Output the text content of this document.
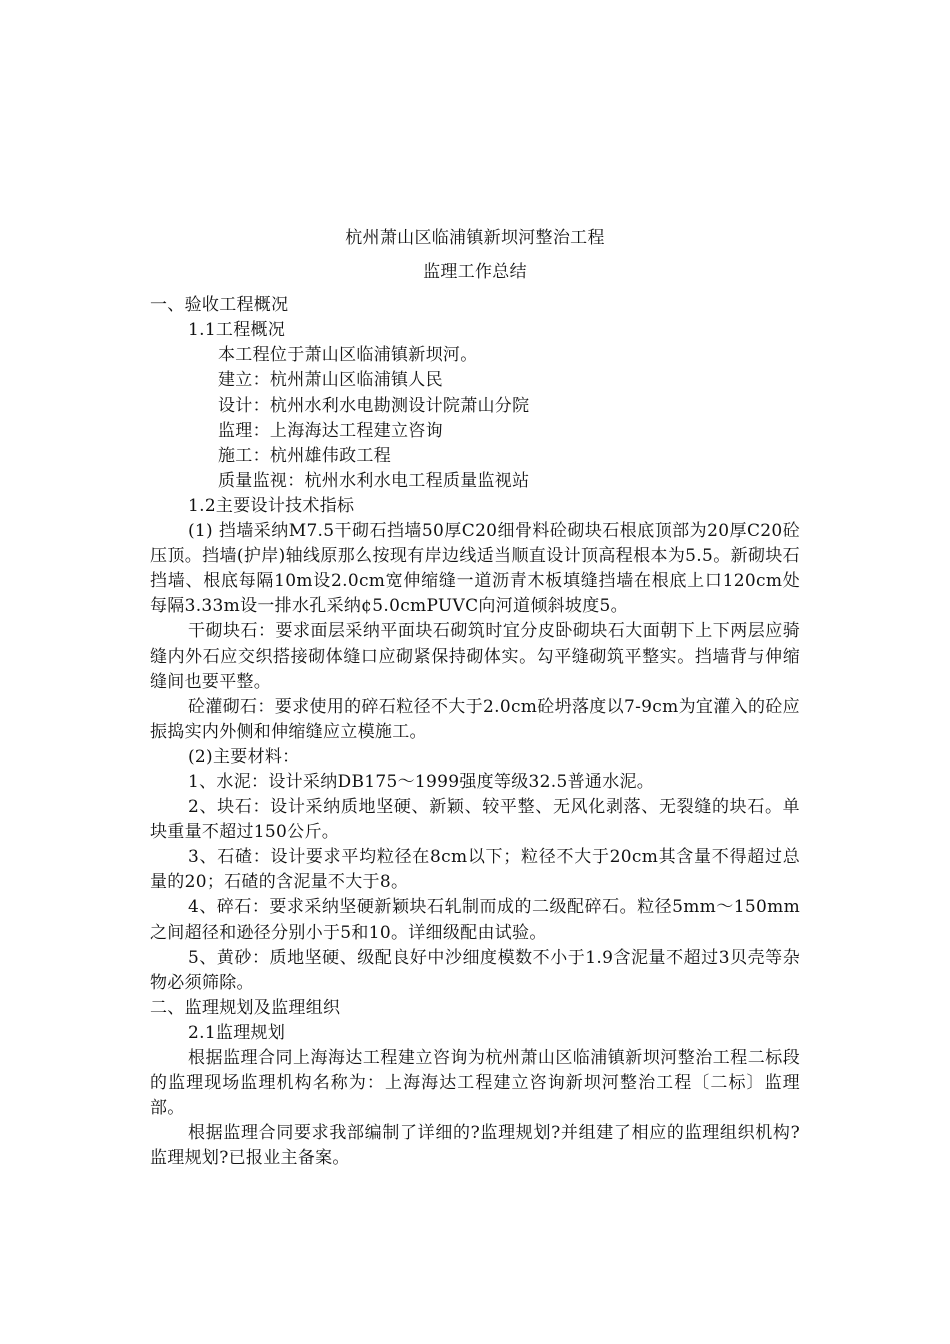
杭州萧山区临浦镇新坝河整治工程

监理工作总结

一、验收工程概况

1.1工程概况

本工程位于萧山区临浦镇新坝河。

建立：杭州萧山区临浦镇人民

设计：杭州水利水电勘测设计院萧山分院

监理：上海海达工程建立咨询

施工：杭州雄伟政工程

质量监视：杭州水利水电工程质量监视站

1.2主要设计技术指标

(1) 挡墙采纳M7.5干砌石挡墙50厚C20细骨料砼砌块石根底顶部为20厚C20砼压顶。挡墙(护岸)轴线原那么按现有岸边线适当顺直设计顶高程根本为5.5。新砌块石挡墙、根底每隔10m设2.0cm宽伸缩缝一道沥青木板填缝挡墙在根底上口120cm处每隔3.33m设一排水孔采纳¢5.0cmPUVC向河道倾斜坡度5。

干砌块石：要求面层采纳平面块石砌筑时宜分皮卧砌块石大面朝下上下两层应骑缝内外石应交织搭接砌体缝口应砌紧保持砌体实。勾平缝砌筑平整实。挡墙背与伸缩缝间也要平整。

砼灌砌石：要求使用的碎石粒径不大于2.0cm砼坍落度以7-9cm为宜灌入的砼应振捣实内外侧和伸缩缝应立模施工。

(2)主要材料：

1、水泥：设计采纳DB175～1999强度等级32.5普通水泥。

2、块石：设计采纳质地坚硬、新颖、较平整、无风化剥落、无裂缝的块石。单块重量不超过150公斤。

3、石碴：设计要求平均粒径在8cm以下；粒径不大于20cm其含量不得超过总量的20；石碴的含泥量不大于8。

4、碎石：要求采纳坚硬新颖块石轧制而成的二级配碎石。粒径5mm～150mm之间超径和逊径分别小于5和10。详细级配由试验。

5、黄砂：质地坚硬、级配良好中沙细度模数不小于1.9含泥量不超过3贝壳等杂物必须筛除。

二、监理规划及监理组织

2.1监理规划

根据监理合同上海海达工程建立咨询为杭州萧山区临浦镇新坝河整治工程二标段的监理现场监理机构名称为：上海海达工程建立咨询新坝河整治工程〔二标〕监理部。

根据监理合同要求我部编制了详细的?监理规划?并组建了相应的监理组织机构?监理规划?已报业主备案。
